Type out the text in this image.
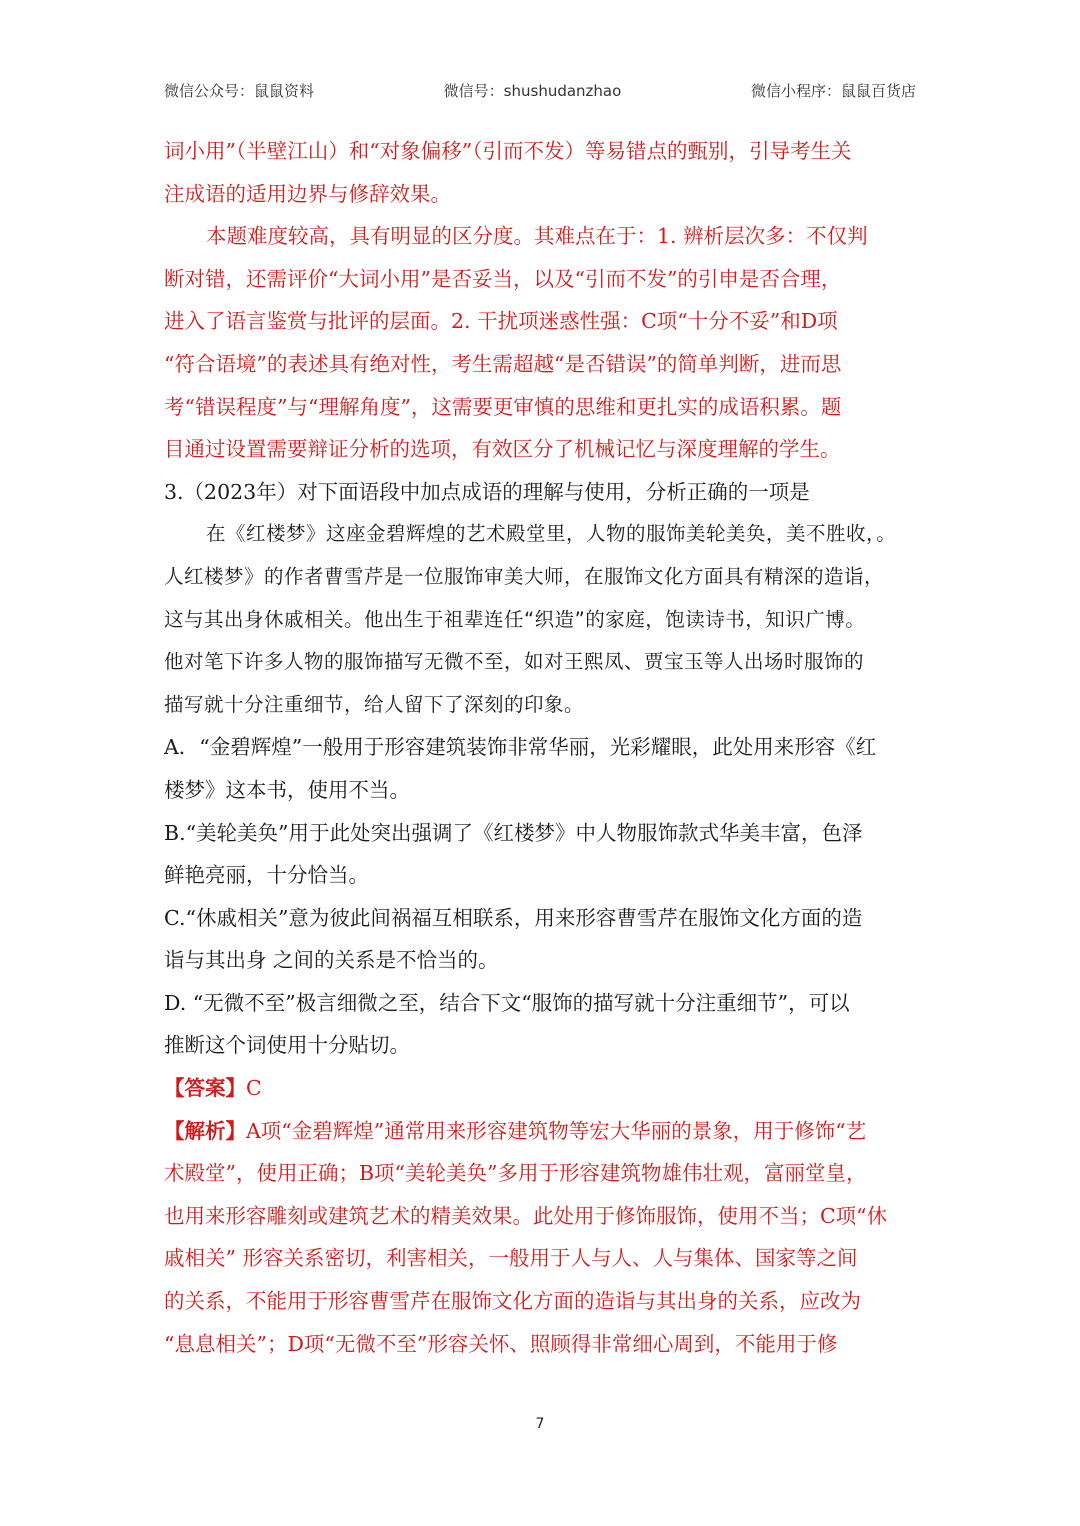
微信公众号：鼠鼠资料	微信号：shushudanzhao	微信小程序：鼠鼠百货店
词小用”（半壁江山）和“对象偏移”（引而不发）等易错点的甄别，引导考生关
注成语的适用边界与修辞效果。
本题难度较高，具有明显的区分度。其难点在于：1. 辨析层次多：不仅判
断对错，还需评价“大词小用”是否妥当，以及“引而不发”的引申是否合理，
进入了语言鉴赏与批评的层面。2. 干扰项迷惑性强：C项“十分不妥”和D项
“符合语境”的表述具有绝对性，考生需超越“是否错误”的简单判断，进而思
考“错误程度”与“理解角度”，这需要更审慎的思维和更扎实的成语积累。题
目通过设置需要辩证分析的选项，有效区分了机械记忆与深度理解的学生。
3.（2023年）对下面语段中加点成语的理解与使用，分析正确的一项是
在《红楼梦》这座金碧辉煌的艺术殿堂里，人物的服饰美轮美奂，美不胜收，。
人红楼梦》的作者曹雪芹是一位服饰审美大师，在服饰文化方面具有精深的造诣，
这与其出身休戚相关。他出生于祖辈连任“织造”的家庭，饱读诗书，知识广博。
他对笔下许多人物的服饰描写无微不至，如对王熙凤、贾宝玉等人出场时服饰的
描写就十分注重细节，给人留下了深刻的印象。
A．“金碧辉煌”一般用于形容建筑装饰非常华丽，光彩耀眼，此处用来形容《红
楼梦》这本书，使用不当。
B.“美轮美奂”用于此处突出强调了《红楼梦》中人物服饰款式华美丰富，色泽
鲜艳亮丽，十分恰当。
C.“休戚相关”意为彼此间祸福互相联系，用来形容曹雪芹在服饰文化方面的造
诣与其出身 之间的关系是不恰当的。
D. “无微不至”极言细微之至，结合下文“服饰的描写就十分注重细节”，可以
推断这个词使用十分贴切。
【答案】C
【解析】A项“金碧辉煌”通常用来形容建筑物等宏大华丽的景象，用于修饰“艺
术殿堂”，使用正确；B项“美轮美奂”多用于形容建筑物雄伟壮观，富丽堂皇，
也用来形容雕刻或建筑艺术的精美效果。此处用于修饰服饰，使用不当；C项“休
戚相关” 形容关系密切，利害相关，一般用于人与人、人与集体、国家等之间
的关系，不能用于形容曹雪芹在服饰文化方面的造诣与其出身的关系，应改为
“息息相关”；D项“无微不至”形容关怀、照顾得非常细心周到，不能用于修
7
